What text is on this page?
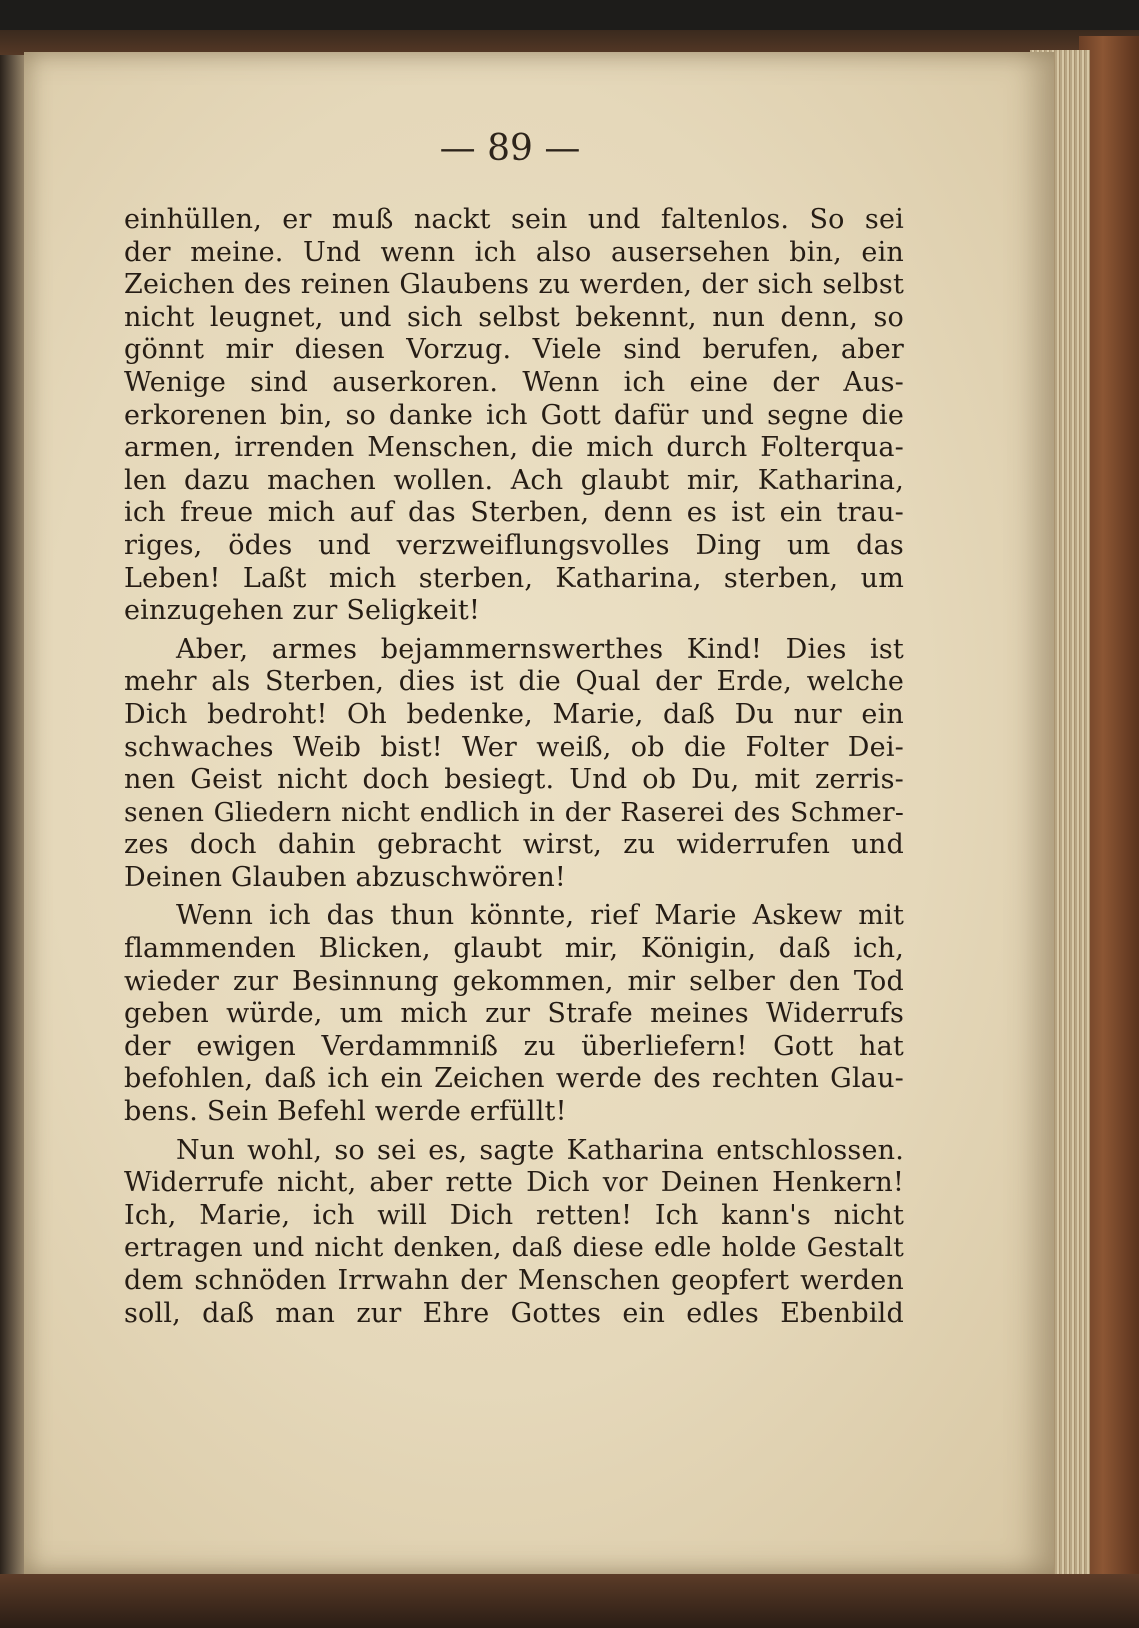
— 89 —
einhüllen, er muß nackt sein und faltenlos. So sei
der meine. Und wenn ich also ausersehen bin, ein
Zeichen des reinen Glaubens zu werden, der sich selbst
nicht leugnet, und sich selbst bekennt, nun denn, so
gönnt mir diesen Vorzug. Viele sind berufen, aber
Wenige sind auserkoren. Wenn ich eine der Aus-
erkorenen bin, so danke ich Gott dafür und segne die
armen, irrenden Menschen, die mich durch Folterqua-
len dazu machen wollen. Ach glaubt mir, Katharina,
ich freue mich auf das Sterben, denn es ist ein trau-
riges, ödes und verzweiflungsvolles Ding um das
Leben! Laßt mich sterben, Katharina, sterben, um
einzugehen zur Seligkeit!
Aber, armes bejammernswerthes Kind! Dies ist
mehr als Sterben, dies ist die Qual der Erde, welche
Dich bedroht! Oh bedenke, Marie, daß Du nur ein
schwaches Weib bist! Wer weiß, ob die Folter Dei-
nen Geist nicht doch besiegt. Und ob Du, mit zerris-
senen Gliedern nicht endlich in der Raserei des Schmer-
zes doch dahin gebracht wirst, zu widerrufen und
Deinen Glauben abzuschwören!
Wenn ich das thun könnte, rief Marie Askew mit
flammenden Blicken, glaubt mir, Königin, daß ich,
wieder zur Besinnung gekommen, mir selber den Tod
geben würde, um mich zur Strafe meines Widerrufs
der ewigen Verdammniß zu überliefern! Gott hat
befohlen, daß ich ein Zeichen werde des rechten Glau-
bens. Sein Befehl werde erfüllt!
Nun wohl, so sei es, sagte Katharina entschlossen.
Widerrufe nicht, aber rette Dich vor Deinen Henkern!
Ich, Marie, ich will Dich retten! Ich kann's nicht
ertragen und nicht denken, daß diese edle holde Gestalt
dem schnöden Irrwahn der Menschen geopfert werden
soll, daß man zur Ehre Gottes ein edles Ebenbild
